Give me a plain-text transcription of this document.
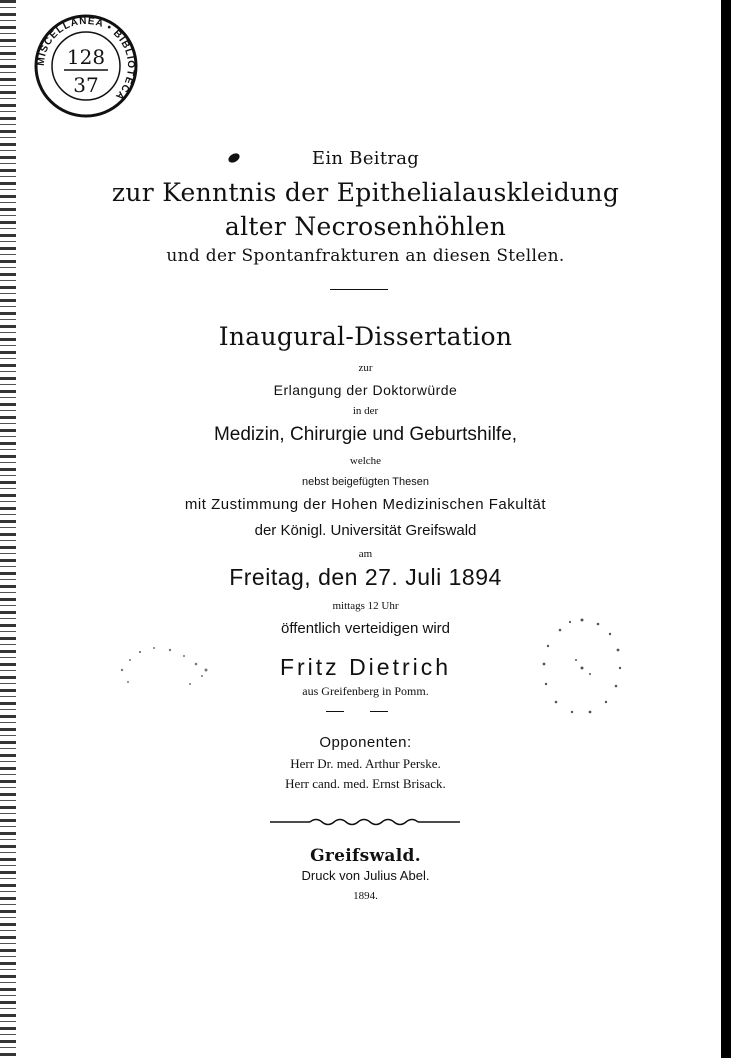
MISCELLANEA • BIBLIOTECA
128
37

Ein Beitrag

zur Kenntnis der Epithelialauskleidung

alter Necrosenhöhlen

und der Spontanfrakturen an diesen Stellen.

Inaugural-Dissertation

zur

Erlangung der Doktorwürde

in der

Medizin, Chirurgie und Geburtshilfe,

welche

nebst beigefügten Thesen

mit Zustimmung der Hohen Medizinischen Fakultät

der Königl. Universität Greifswald

am

Freitag, den 27. Juli 1894

mittags 12 Uhr

öffentlich verteidigen wird

Fritz Dietrich

aus Greifenberg in Pomm.

Opponenten:

Herr Dr. med. Arthur Perske.

Herr cand. med. Ernst Brisack.

Greifswald.

Druck von Julius Abel.

1894.
